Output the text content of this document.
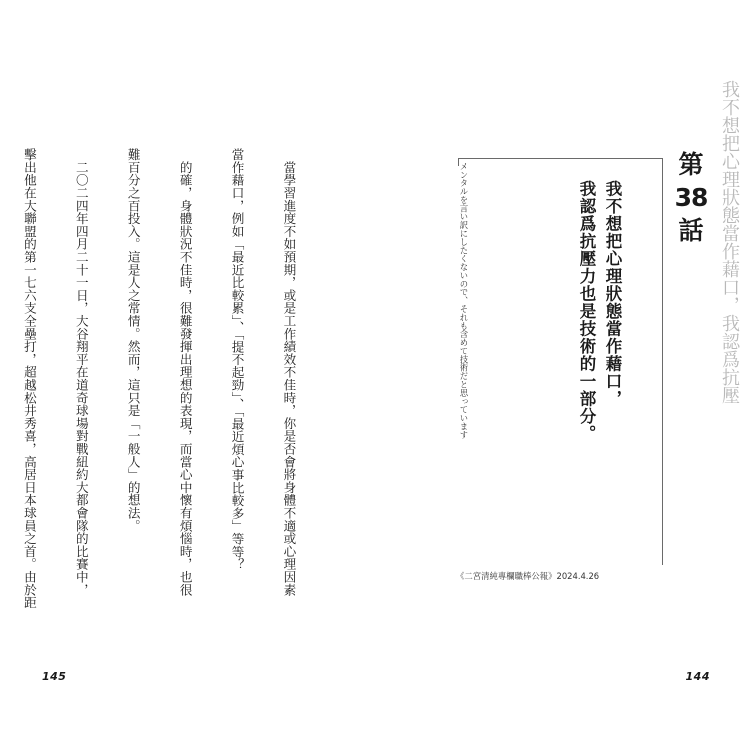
　當學習進度不如預期，或是工作績效不佳時，你是否會將身體不適或心理因素

當作藉口，例如「最近比較累」、「提不起勁」、「最近煩心事比較多」等等？

　的確，身體狀況不佳時，很難發揮出理想的表現，而當心中懷有煩惱時，也很

難百分之百投入。這是人之常情。然而，這只是「一般人」的想法。

　二〇二四年四月二十一日，大谷翔平在道奇球場對戰紐約大都會隊的比賽中，

擊出他在大聯盟的第一七六支全壘打，超越松井秀喜，高居日本球員之首。由於距

145
第
38
話
我不想把心理狀態當作藉口，
我認爲抗壓力也是技術的一部分。
メンタルを言い訳にしたくないので、それも含めて技術だと思っています
《二宮清純專欄職棒公報》2024.4.26
我不想把心理狀態當作藉口，我認爲抗壓
144
